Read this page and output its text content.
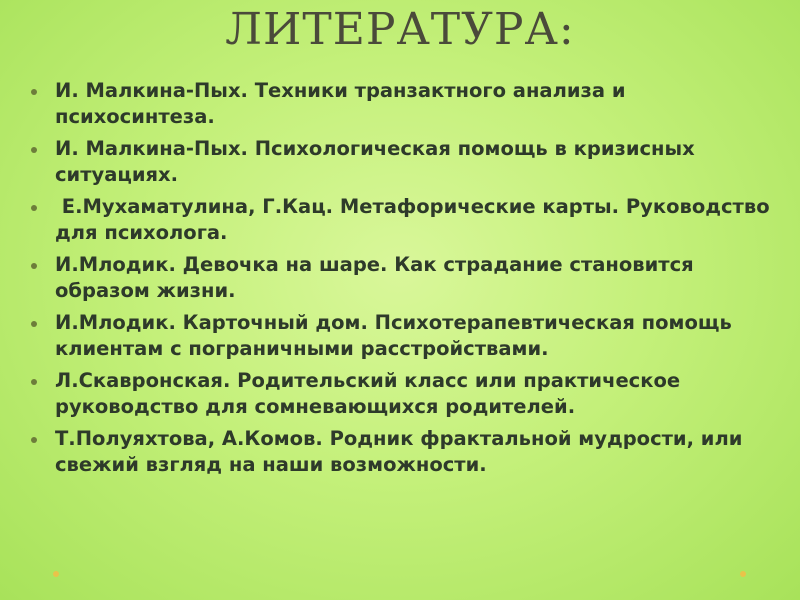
ЛИТЕРАТУРА:
И. Малкина-Пых. Техники транзактного анализа и психосинтеза.
И. Малкина-Пых. Психологическая помощь в кризисных ситуациях.
Е.Мухаматулина, Г.Кац. Метафорические карты. Руководство для психолога.
И.Млодик. Девочка на шаре. Как страдание становится образом жизни.
И.Млодик. Карточный дом. Психотерапевтическая помощь клиентам с пограничными расстройствами.
Л.Скавронская. Родительский класс или практическое руководство для сомневающихся родителей.
Т.Полуяхтова, А.Комов. Родник фрактальной мудрости, или свежий взгляд на наши возможности.
